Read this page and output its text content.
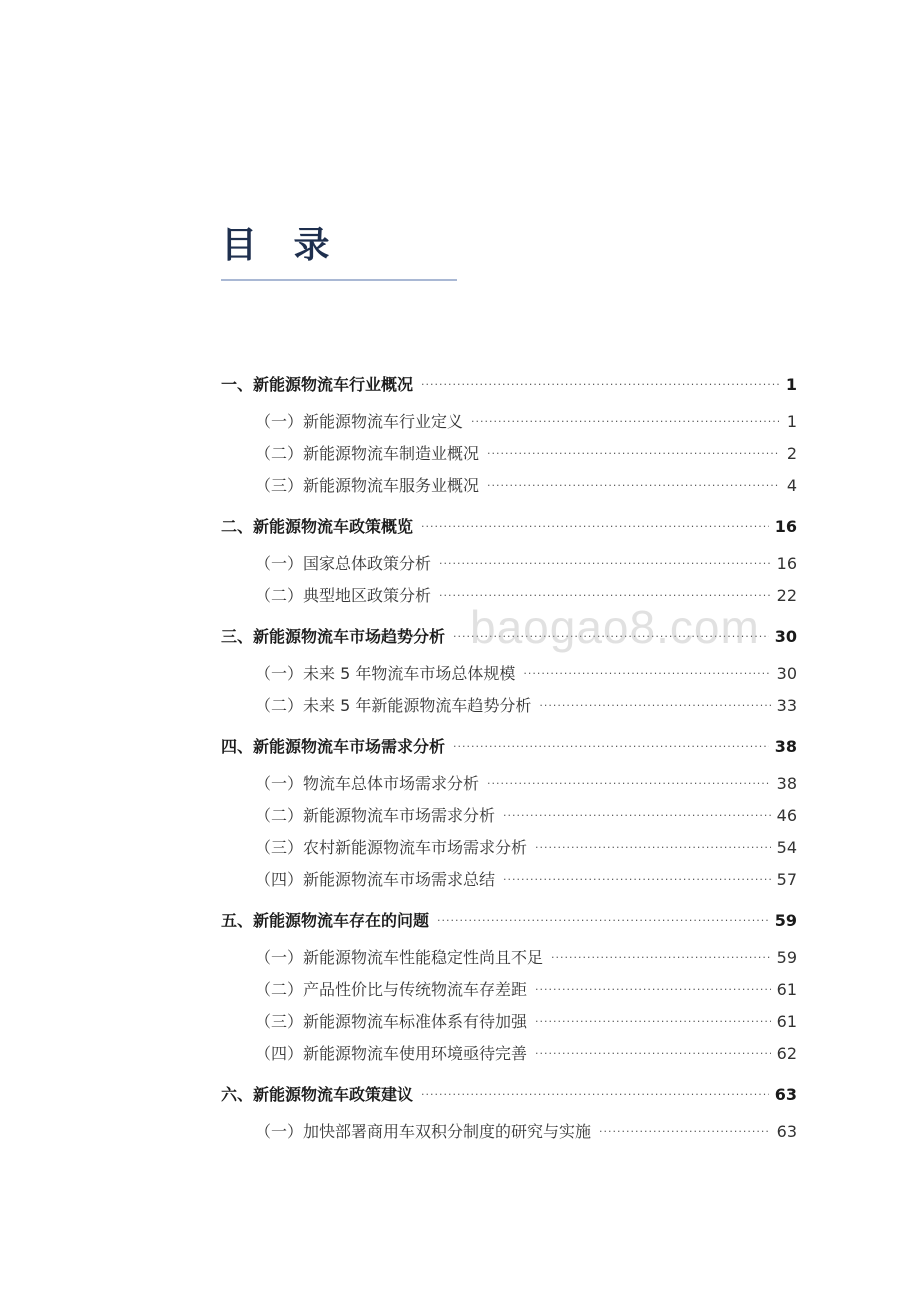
目 录
一、新能源物流车行业概况 ·····	1
（一）新能源物流车行业定义 ·····	1
（二）新能源物流车制造业概况 ·····	2
（三）新能源物流车服务业概况 ·····	4
二、新能源物流车政策概览 ·····	16
（一）国家总体政策分析 ·····	16
（二）典型地区政策分析 ·····	22
三、新能源物流车市场趋势分析 ·····	30
（一）未来 5 年物流车市场总体规模 ·····	30
（二）未来 5 年新能源物流车趋势分析 ·····	33
四、新能源物流车市场需求分析 ·····	38
（一）物流车总体市场需求分析 ·····	38
（二）新能源物流车市场需求分析 ·····	46
（三）农村新能源物流车市场需求分析 ·····	54
（四）新能源物流车市场需求总结 ·····	57
五、新能源物流车存在的问题 ·····	59
（一）新能源物流车性能稳定性尚且不足 ·····	59
（二）产品性价比与传统物流车存差距 ·····	61
（三）新能源物流车标准体系有待加强 ·····	61
（四）新能源物流车使用环境亟待完善 ·····	62
六、新能源物流车政策建议 ·····	63
（一）加快部署商用车双积分制度的研究与实施 ·····	63
baogao8.com
